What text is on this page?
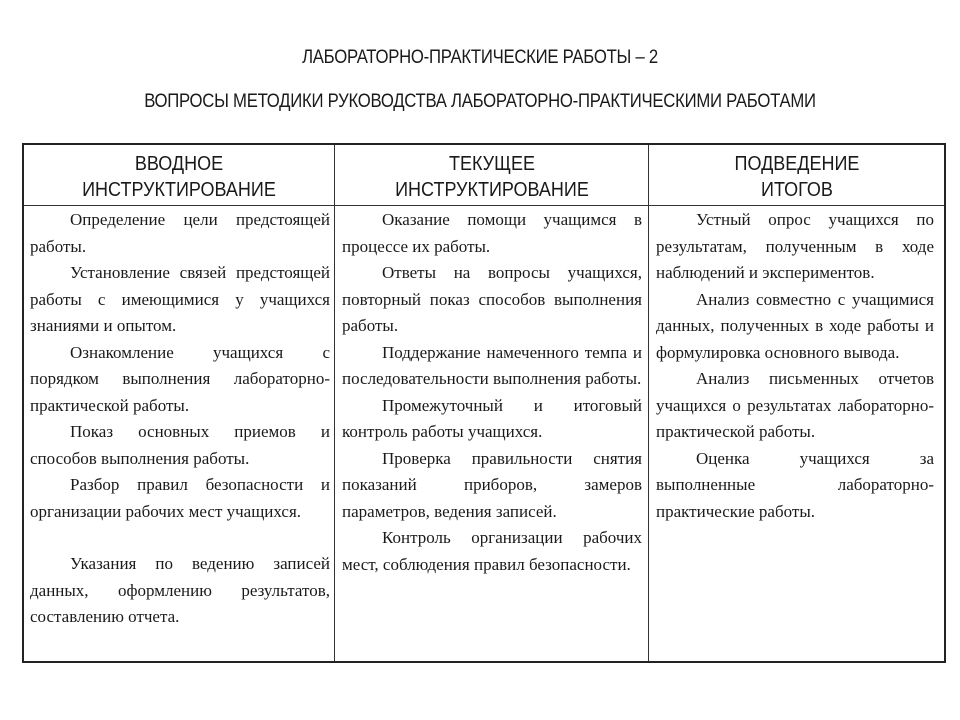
ЛАБОРАТОРНО-ПРАКТИЧЕСКИЕ РАБОТЫ – 2
ВОПРОСЫ МЕТОДИКИ РУКОВОДСТВА ЛАБОРАТОРНО-ПРАКТИЧЕСКИМИ РАБОТАМИ
ВВОДНОЕ
ИНСТРУКТИРОВАНИЕ
ТЕКУЩЕЕ
ИНСТРУКТИРОВАНИЕ
ПОДВЕДЕНИЕ
ИТОГОВ

Определение цели предстоящей работы.

Установление связей предстоящей работы с имеющимися у учащихся знаниями и опытом.

Ознакомление учащихся с порядком выполнения лабораторно-практической работы.

Показ основных приемов и способов выполнения работы.

Разбор правил безопасности и организации рабочих мест учащихся.

Указания по ведению записей данных, оформлению результатов, составлению отчета.

Оказание помощи учащимся в процессе их работы.

Ответы на вопросы учащихся, повторный показ способов выполнения работы.

Поддержание намеченного темпа и последовательности выполнения работы.

Промежуточный и итоговый контроль работы учащихся.

Проверка правильности снятия показаний приборов, замеров параметров, ведения записей.

Контроль организации рабочих мест, соблюдения правил безопасности.

Устный опрос учащихся по результатам, полученным в ходе наблюдений и экспериментов.

Анализ совместно с учащимися данных, полученных в ходе работы и формулировка основного вывода.

Анализ письменных отчетов учащихся о результатах лабораторно-практической работы.

Оценка учащихся за выполненные лабораторно-практические работы.
